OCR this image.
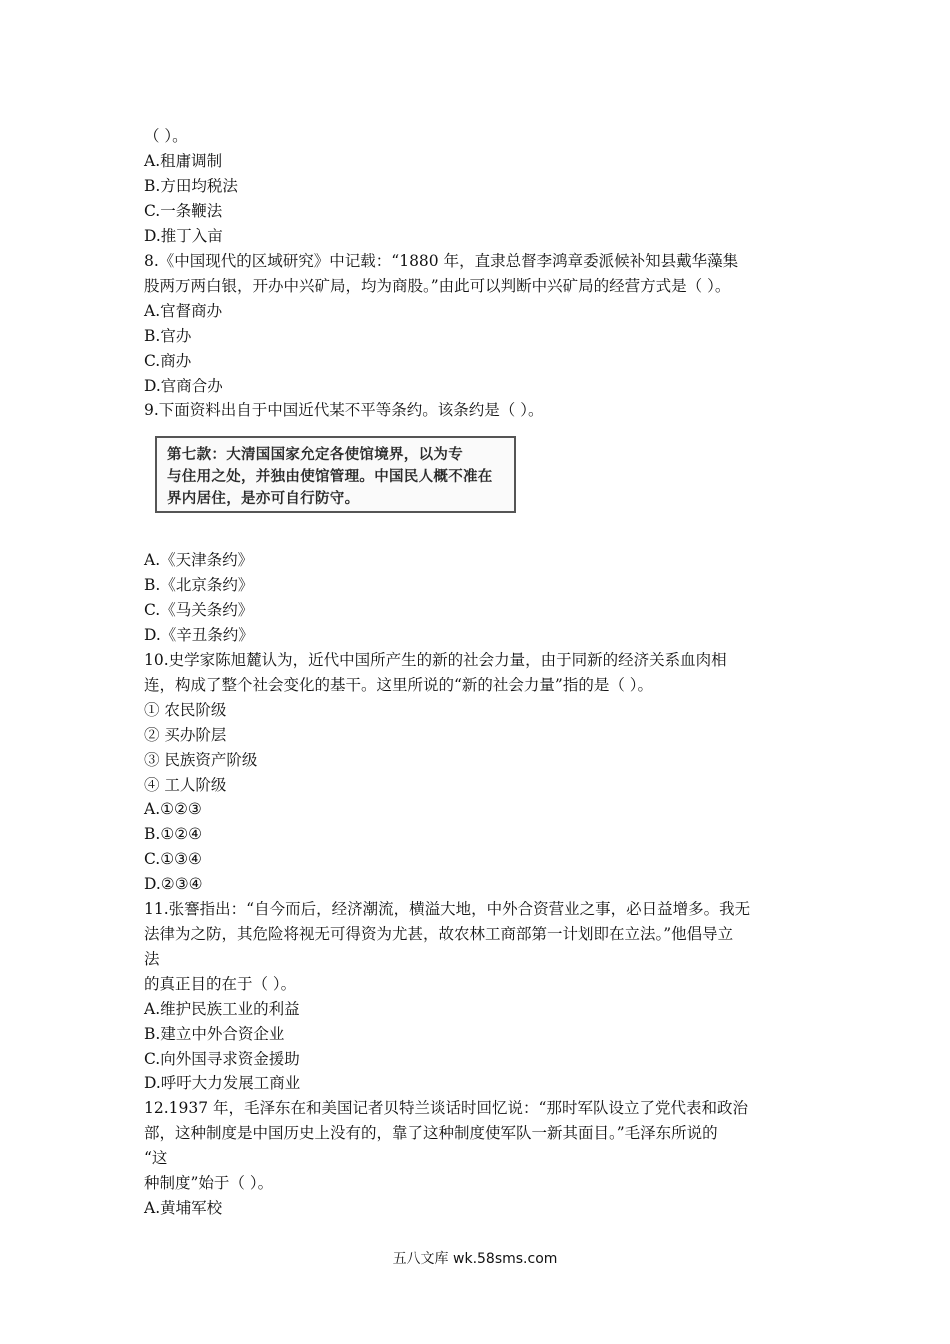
（ ）。
A.租庸调制
B.方田均税法
C.一条鞭法
D.推丁入亩
8.《中国现代的区域研究》中记载：“1880 年，直隶总督李鸿章委派候补知县戴华藻集
股两万两白银，开办中兴矿局，均为商股。”由此可以判断中兴矿局的经营方式是（ ）。
A.官督商办
B.官办
C.商办
D.官商合办
9.下面资料出自于中国近代某不平等条约。该条约是（ ）。
第七款：大清国国家允定各使馆境界，以为专
与住用之处，并独由使馆管理。中国民人概不准在
界内居住，是亦可自行防守。
A.《天津条约》
B.《北京条约》
C.《马关条约》
D.《辛丑条约》
10.史学家陈旭麓认为，近代中国所产生的新的社会力量，由于同新的经济关系血肉相
连，构成了整个社会变化的基干。这里所说的“新的社会力量”指的是（ ）。
① 农民阶级
② 买办阶层
③ 民族资产阶级
④ 工人阶级
A.①②③
B.①②④
C.①③④
D.②③④
11.张謇指出：“自今而后，经济潮流，横溢大地，中外合资营业之事，必日益增多。我无
法律为之防，其危险将视无可得资为尤甚，故农林工商部第一计划即在立法。”他倡导立
法
的真正目的在于（ ）。
A.维护民族工业的利益
B.建立中外合资企业
C.向外国寻求资金援助
D.呼吁大力发展工商业
12.1937 年，毛泽东在和美国记者贝特兰谈话时回忆说：“那时军队设立了党代表和政治
部，这种制度是中国历史上没有的，靠了这种制度使军队一新其面目。”毛泽东所说的
“这
种制度”始于（ ）。
A.黄埔军校
五八文库 wk.58sms.com
